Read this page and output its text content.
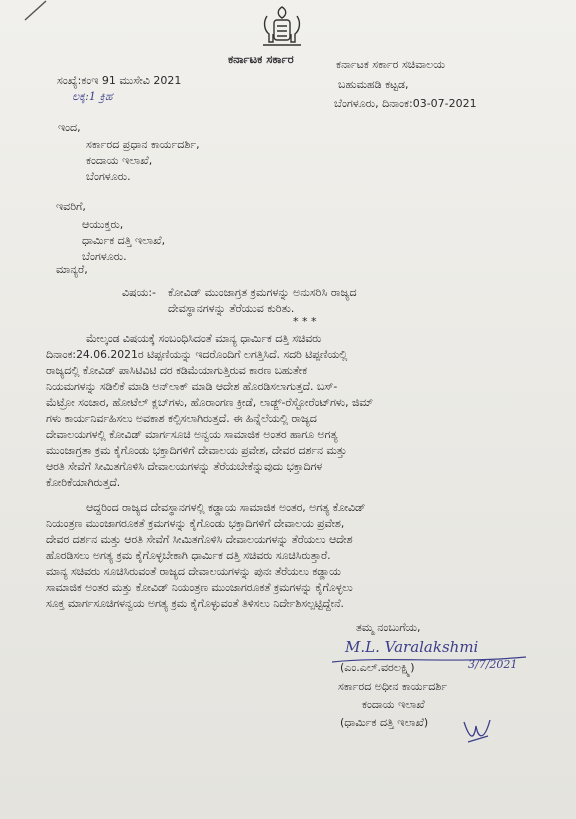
ಕರ್ನಾಟಕ ಸರ್ಕಾರ
ಸಂಖ್ಯೆ:ಕಂಇ 91 ಮುಸೇವಿ 2021
ಲಕ್ಕ:1 ಕ್ರಿಹ
ಕರ್ನಾಟಕ ಸರ್ಕಾರ ಸಚಿವಾಲಯ
ಬಹುಮಹಡಿ ಕಟ್ಟಡ,
ಬೆಂಗಳೂರು, ದಿನಾಂಕ:03-07-2021
ಇಂದ,
ಸರ್ಕಾರದ ಪ್ರಧಾನ ಕಾರ್ಯದರ್ಶಿ,
ಕಂದಾಯ ಇಲಾಖೆ,
ಬೆಂಗಳೂರು.
ಇವರಿಗೆ,
ಆಯುಕ್ತರು,
ಧಾರ್ಮಿಕ ದತ್ತಿ ಇಲಾಖೆ,
ಬೆಂಗಳೂರು.
ಮಾನ್ಯರೆ,
ವಿಷಯ:- ಕೋವಿಡ್ ಮುಂಜಾಗ್ರತ ಕ್ರಮಗಳನ್ನು ಅನುಸರಿಸಿ ರಾಜ್ಯದ
ದೇವಸ್ಥಾನಗಳನ್ನು ತೆರೆಯುವ ಕುರಿತು.
* * *
ಮೇಲ್ಕಂಡ ವಿಷಯಕ್ಕೆ ಸಂಬಂಧಿಸಿದಂತೆ ಮಾನ್ಯ ಧಾರ್ಮಿಕ ದತ್ತಿ ಸಚಿವರು
ದಿನಾಂಕ:24.06.2021ರ ಟಿಪ್ಪಣಿಯನ್ನು ಇದರೊಂದಿಗೆ ಲಗತ್ತಿಸಿದೆ. ಸದರಿ ಟಿಪ್ಪಣಿಯಲ್ಲಿ
ರಾಜ್ಯದಲ್ಲಿ ಕೋವಿಡ್ ಪಾಸಿಟಿವಿಟಿ ದರ ಕಡಿಮೆಯಾಗುತ್ತಿರುವ ಕಾರಣ ಬಹುತೇಕ
ನಿಯಮಗಳನ್ನು ಸಡಿಲಿಕೆ ಮಾಡಿ ಅನ್‌ಲಾಕ್ ಮಾಡಿ ಆದೇಶ ಹೊರಡಿಸಲಾಗುತ್ತದೆ. ಬಸ್-
ಮೆಟ್ರೋ ಸಂಚಾರ, ಹೋಟೆಲ್ ಕ್ಲಬ್‌ಗಳು, ಹೊರಾಂಗಣ ಕ್ರೀಡೆ, ಲಾಡ್ಜ್-ರೆಸ್ಟೋರೆಂಟ್‌ಗಳು, ಜಿಮ್
ಗಳು ಕಾರ್ಯನಿರ್ವಹಿಸಲು ಅವಕಾಶ ಕಲ್ಪಿಸಲಾಗಿರುತ್ತದೆ. ಈ ಹಿನ್ನೆಲೆಯಲ್ಲಿ ರಾಜ್ಯದ
ದೇವಾಲಯಗಳಲ್ಲಿ ಕೋವಿಡ್ ಮಾರ್ಗಸೂಚಿ ಅನ್ವಯ ಸಾಮಾಜಿಕ ಅಂತರ ಹಾಗೂ ಅಗತ್ಯ
ಮುಂಜಾಗ್ರತಾ ಕ್ರಮ ಕೈಗೊಂಡು ಭಕ್ತಾದಿಗಳಿಗೆ ದೇವಾಲಯ ಪ್ರವೇಶ, ದೇವರ ದರ್ಶನ ಮತ್ತು
ಆರತಿ ಸೇವೆಗೆ ಸೀಮಿತಗೊಳಿಸಿ ದೇವಾಲಯಗಳನ್ನು ತೆರೆಯಬೇಕೆನ್ನುವುದು ಭಕ್ತಾದಿಗಳ
ಕೋರಿಕೆಯಾಗಿರುತ್ತದೆ.
ಆದ್ದರಿಂದ ರಾಜ್ಯದ ದೇವಸ್ಥಾನಗಳಲ್ಲಿ ಕಡ್ಡಾಯ ಸಾಮಾಜಿಕ ಅಂತರ, ಅಗತ್ಯ ಕೋವಿಡ್
ನಿಯಂತ್ರಣ ಮುಂಜಾಗರೂಕತೆ ಕ್ರಮಗಳನ್ನು ಕೈಗೊಂಡು ಭಕ್ತಾದಿಗಳಿಗೆ ದೇವಾಲಯ ಪ್ರವೇಶ,
ದೇವರ ದರ್ಶನ ಮತ್ತು ಆರತಿ ಸೇವೆಗೆ ಸೀಮಿತಗೊಳಿಸಿ ದೇವಾಲಯಗಳನ್ನು ತೆರೆಯಲು ಆದೇಶ
ಹೊರಡಿಸಲು ಅಗತ್ಯ ಕ್ರಮ ಕೈಗೊಳ್ಳಬೇಕಾಗಿ ಧಾರ್ಮಿಕ ದತ್ತಿ ಸಚಿವರು ಸೂಚಿಸಿರುತ್ತಾರೆ.
ಮಾನ್ಯ ಸಚಿವರು ಸೂಚಿಸಿರುವಂತೆ ರಾಜ್ಯದ ದೇವಾಲಯಗಳನ್ನು ಪುನಃ ತೆರೆಯಲು ಕಡ್ಡಾಯ
ಸಾಮಾಜಿಕ ಅಂತರ ಮತ್ತು ಕೋವಿಡ್ ನಿಯಂತ್ರಣ ಮುಂಜಾಗರೂಕತೆ ಕ್ರಮಗಳನ್ನು ಕೈಗೊಳ್ಳಲು
ಸೂಕ್ತ ಮಾರ್ಗಸೂಚಿಗಳನ್ವಯ ಅಗತ್ಯ ಕ್ರಮ ಕೈಗೊಳ್ಳುವಂತೆ ತಿಳಿಸಲು ನಿರ್ದೇಶಿಸಲ್ಪಟ್ಟಿದ್ದೇನೆ.
ತಮ್ಮ ನಂಬುಗೆಯ,
M.L. Varalakshmi
(ಎಂ.ಎಲ್.ವರಲಕ್ಷ್ಮಿ)	3/7/2021
ಸರ್ಕಾರದ ಅಧೀನ ಕಾರ್ಯದರ್ಶಿ
ಕಂದಾಯ ಇಲಾಖೆ
(ಧಾರ್ಮಿಕ ದತ್ತಿ ಇಲಾಖೆ)
